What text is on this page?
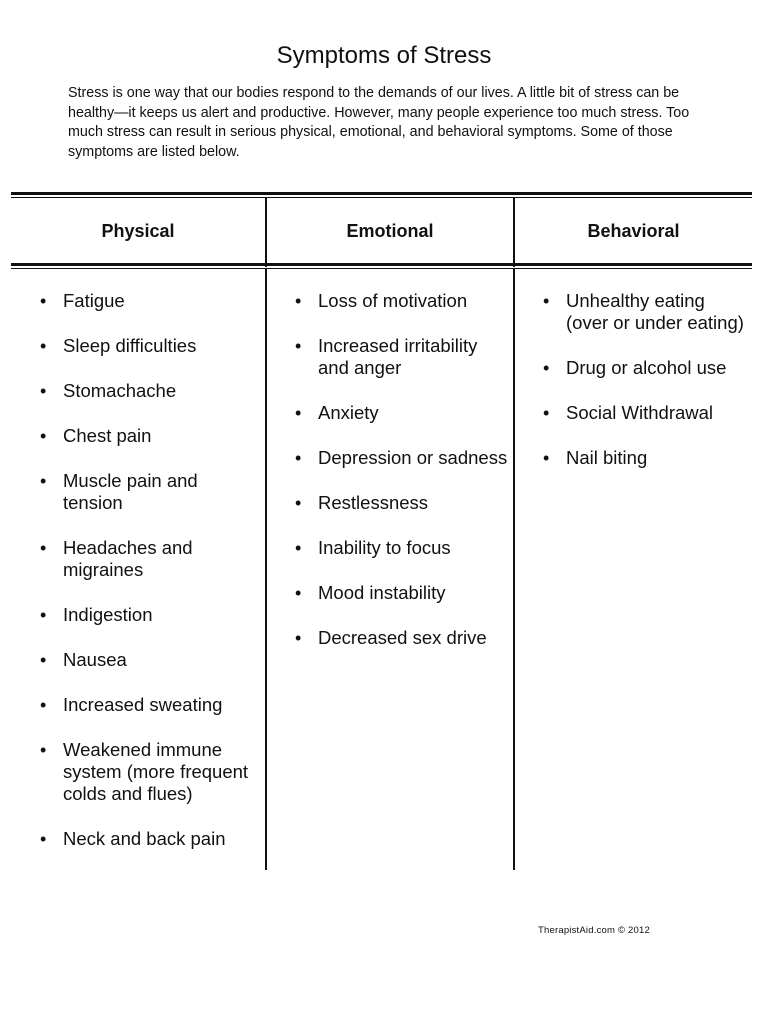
Symptoms of Stress

Stress is one way that our bodies respond to the demands of our lives. A little bit of stress can be healthy—it keeps us alert and productive. However, many people experience too much stress. Too much stress can result in serious physical, emotional, and behavioral symptoms. Some of those symptoms are listed below.

Physical	Emotional	Behavioral
• Fatigue
• Sleep difficulties
• Stomachache
• Chest pain
• Muscle pain and tension
• Headaches and migraines
• Indigestion
• Nausea
• Increased sweating
• Weakened immune system (more frequent colds and flues)
• Neck and back pain
• Loss of motivation
• Increased irritability and anger
• Anxiety
• Depression or sadness
• Restlessness
• Inability to focus
• Mood instability
• Decreased sex drive
• Unhealthy eating (over or under eating)
• Drug or alcohol use
• Social Withdrawal
• Nail biting
TherapistAid.com © 2012
